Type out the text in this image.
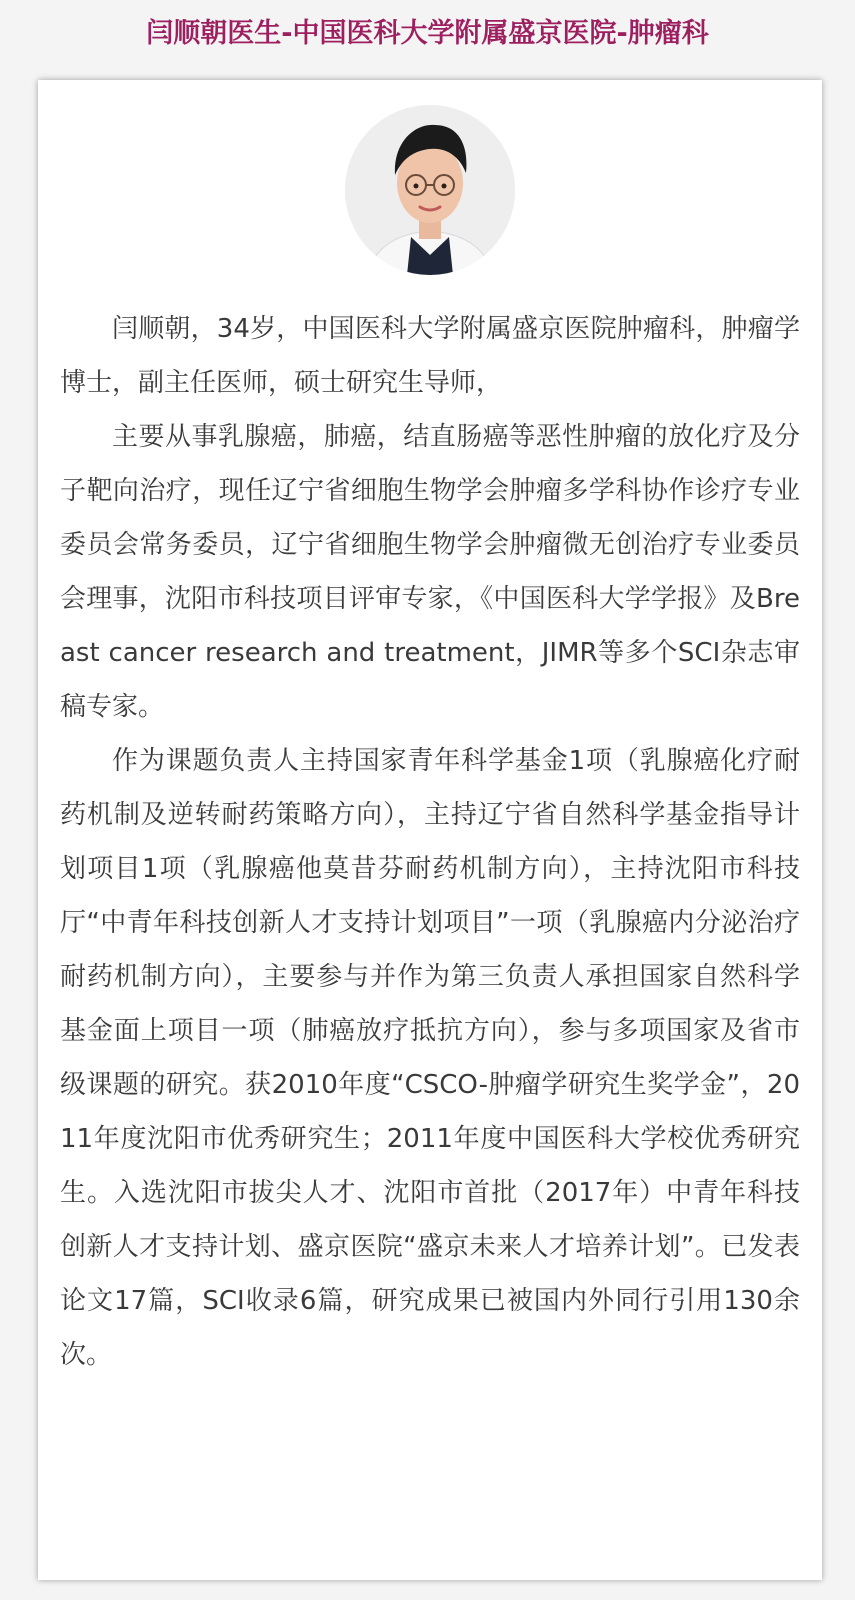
闫顺朝医生-中国医科大学附属盛京医院-肿瘤科

闫顺朝，34岁，中国医科大学附属盛京医院肿瘤科，肿瘤学博士，副主任医师，硕士研究生导师，

主要从事乳腺癌，肺癌，结直肠癌等恶性肿瘤的放化疗及分子靶向治疗，现任辽宁省细胞生物学会肿瘤多学科协作诊疗专业委员会常务委员，辽宁省细胞生物学会肿瘤微无创治疗专业委员会理事，沈阳市科技项目评审专家，《中国医科大学学报》及Breast cancer research and treatment，JIMR等多个SCI杂志审稿专家。

作为课题负责人主持国家青年科学基金1项（乳腺癌化疗耐药机制及逆转耐药策略方向），主持辽宁省自然科学基金指导计划项目1项（乳腺癌他莫昔芬耐药机制方向），主持沈阳市科技厅“中青年科技创新人才支持计划项目”一项（乳腺癌内分泌治疗耐药机制方向），主要参与并作为第三负责人承担国家自然科学基金面上项目一项（肺癌放疗抵抗方向），参与多项国家及省市级课题的研究。获2010年度“CSCO-肿瘤学研究生奖学金”，2011年度沈阳市优秀研究生；2011年度中国医科大学校优秀研究生。入选沈阳市拔尖人才、沈阳市首批（2017年）中青年科技创新人才支持计划、盛京医院“盛京未来人才培养计划”。已发表论文17篇，SCI收录6篇，研究成果已被国内外同行引用130余次。
